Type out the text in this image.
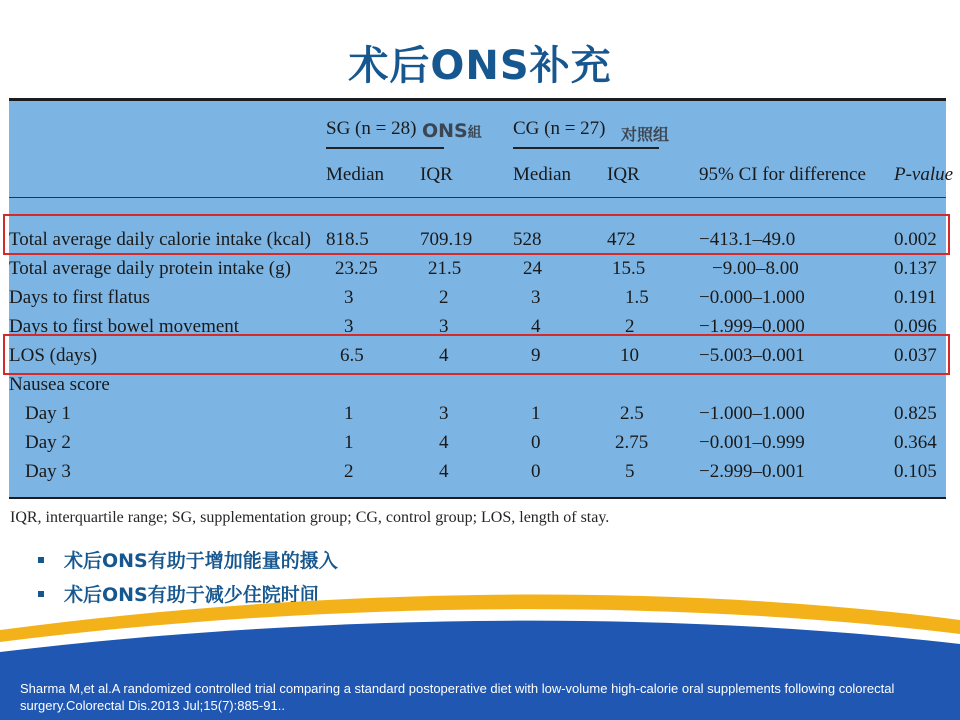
术后ONS补充
SG (n = 28) ONS組 CG (n = 27) 对照组
Median IQR	Median IQR	95% CI for difference P-value
Total average daily calorie intake (kcal) 818.5	709.19 528	472	−413.1–49.0	0.002
Total average daily protein intake (g) 23.25	21.5	24	15.5	−9.00–8.00	0.137
Days to first flatus	3	2	3	1.5	−0.000–1.000	0.191
Days to first bowel movement	3	3	4	2	−1.999–0.000	0.096
LOS (days)	6.5	4	9	10	−5.003–0.001	0.037
Nausea score
Day 1	1	3	1	2.5	−1.000–1.000	0.825
Day 2	1	4	0	2.75	−0.001–0.999	0.364
Day 3	2	4	0	5	−2.999–0.001	0.105
IQR, interquartile range; SG, supplementation group; CG, control group; LOS, length of stay.
术后ONS有助于增加能量的摄入
术后ONS有助于减少住院时间
Sharma M,et al.A randomized controlled trial comparing a standard postoperative diet with low-volume high-calorie oral supplements following colorectal surgery.Colorectal Dis.2013 Jul;15(7):885-91..
